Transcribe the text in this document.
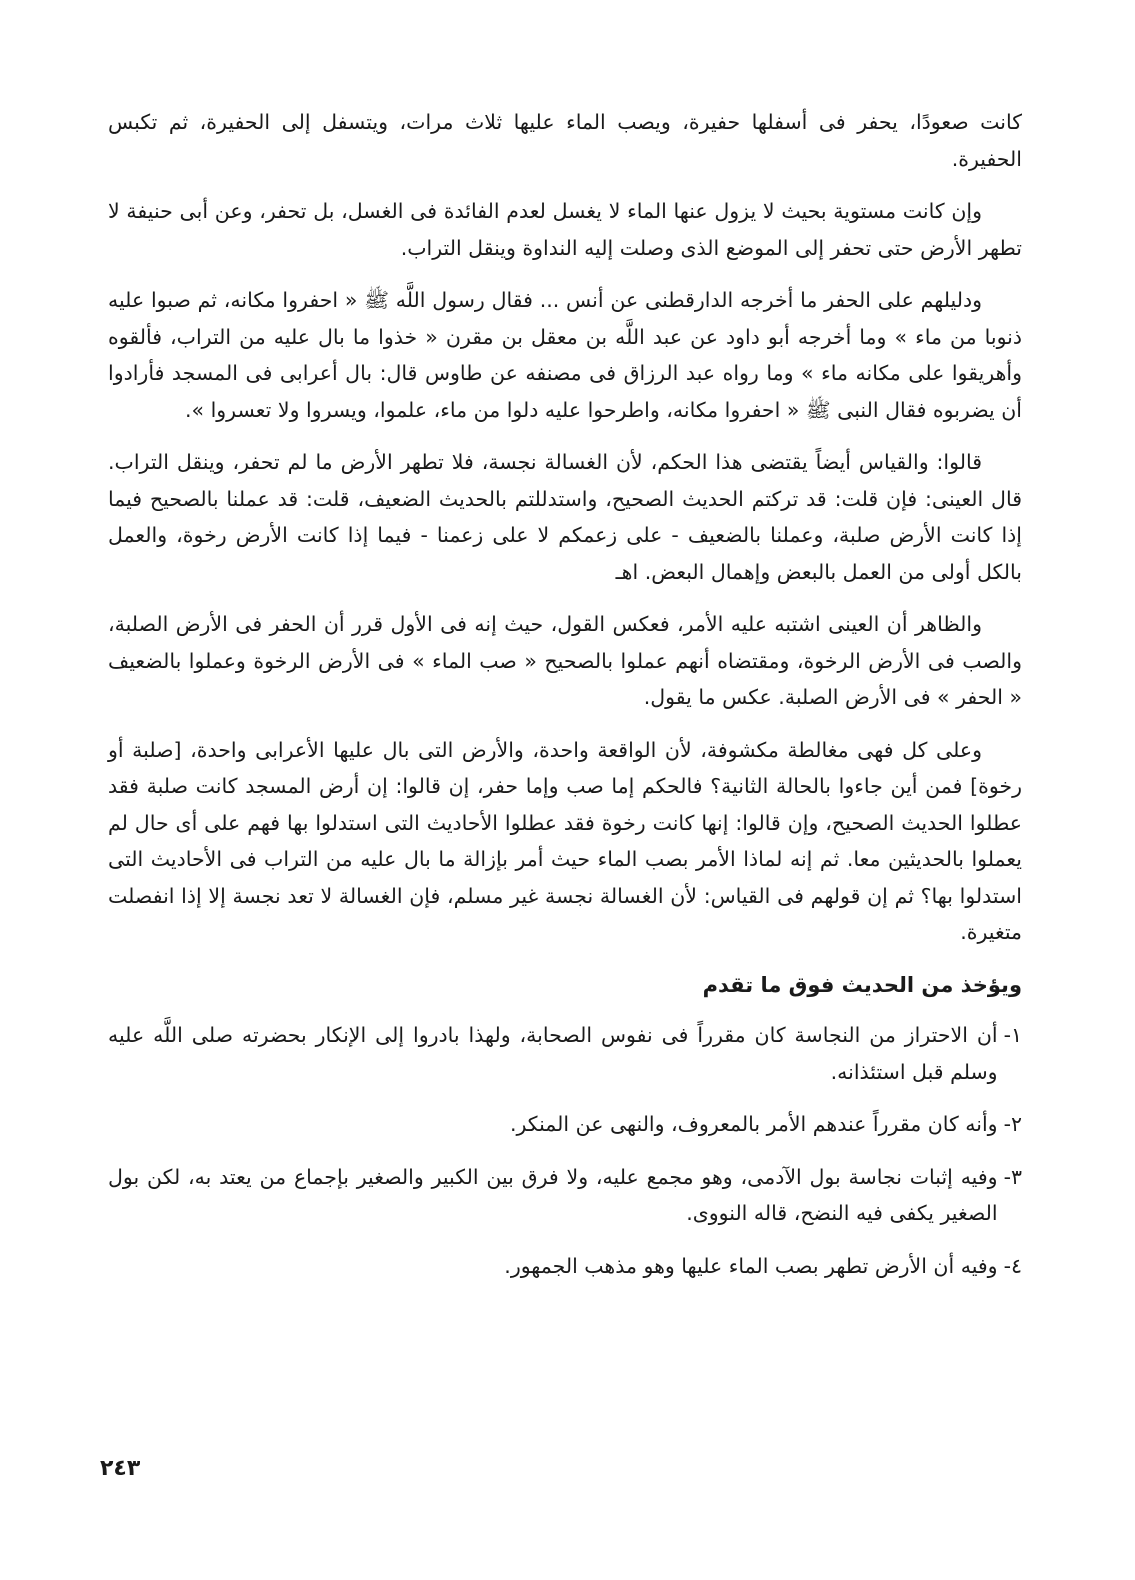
كانت صعودًا، يحفر فى أسفلها حفيرة، ويصب الماء عليها ثلاث مرات، ويتسفل إلى الحفيرة، ثم تكبس الحفيرة.

وإن كانت مستوية بحيث لا يزول عنها الماء لا يغسل لعدم الفائدة فى الغسل، بل تحفر، وعن أبى حنيفة لا تطهر الأرض حتى تحفر إلى الموضع الذى وصلت إليه النداوة وينقل التراب.

ودليلهم على الحفر ما أخرجه الدارقطنى عن أنس ... فقال رسول اللَّه ﷺ « احفروا مكانه، ثم صبوا عليه ذنوبا من ماء » وما أخرجه أبو داود عن عبد اللَّه بن معقل بن مقرن « خذوا ما بال عليه من التراب، فألقوه وأهريقوا على مكانه ماء » وما رواه عبد الرزاق فى مصنفه عن طاوس قال: بال أعرابى فى المسجد فأرادوا أن يضربوه فقال النبى ﷺ « احفروا مكانه، واطرحوا عليه دلوا من ماء، علموا، ويسروا ولا تعسروا ».

قالوا: والقياس أيضاً يقتضى هذا الحكم، لأن الغسالة نجسة، فلا تطهر الأرض ما لم تحفر، وينقل التراب. قال العينى: فإن قلت: قد تركتم الحديث الصحيح، واستدللتم بالحديث الضعيف، قلت: قد عملنا بالصحيح فيما إذا كانت الأرض صلبة، وعملنا بالضعيف - على زعمكم لا على زعمنا - فيما إذا كانت الأرض رخوة، والعمل بالكل أولى من العمل بالبعض وإهمال البعض. اهـ

والظاهر أن العينى اشتبه عليه الأمر، فعكس القول، حيث إنه فى الأول قرر أن الحفر فى الأرض الصلبة، والصب فى الأرض الرخوة، ومقتضاه أنهم عملوا بالصحيح « صب الماء » فى الأرض الرخوة وعملوا بالضعيف « الحفر » فى الأرض الصلبة. عكس ما يقول.

وعلى كل فهى مغالطة مكشوفة، لأن الواقعة واحدة، والأرض التى بال عليها الأعرابى واحدة، [صلبة أو رخوة] فمن أين جاءوا بالحالة الثانية؟ فالحكم إما صب وإما حفر، إن قالوا: إن أرض المسجد كانت صلبة فقد عطلوا الحديث الصحيح، وإن قالوا: إنها كانت رخوة فقد عطلوا الأحاديث التى استدلوا بها فهم على أى حال لم يعملوا بالحديثين معا. ثم إنه لماذا الأمر بصب الماء حيث أمر بإزالة ما بال عليه من التراب فى الأحاديث التى استدلوا بها؟ ثم إن قولهم فى القياس: لأن الغسالة نجسة غير مسلم، فإن الغسالة لا تعد نجسة إلا إذا انفصلت متغيرة.

ويؤخذ من الحديث فوق ما تقدم
١-
أن الاحتراز من النجاسة كان مقرراً فى نفوس الصحابة، ولهذا بادروا إلى الإنكار بحضرته صلى اللَّه عليه وسلم قبل استئذانه.
٢-
وأنه كان مقرراً عندهم الأمر بالمعروف، والنهى عن المنكر.
٣-
وفيه إثبات نجاسة بول الآدمى، وهو مجمع عليه، ولا فرق بين الكبير والصغير بإجماع من يعتد به، لكن بول الصغير يكفى فيه النضح، قاله النووى.
٤-
وفيه أن الأرض تطهر بصب الماء عليها وهو مذهب الجمهور.
٢٤٣
